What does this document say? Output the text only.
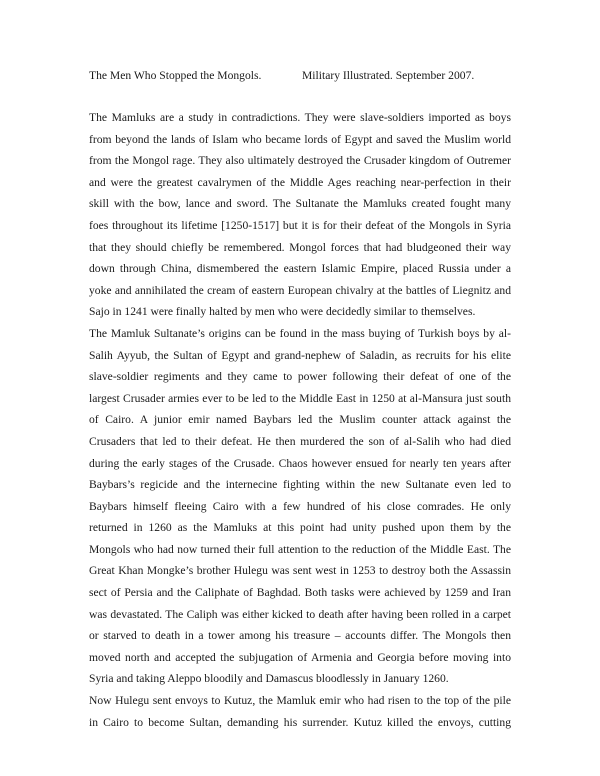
The Men Who Stopped the Mongols.	Military Illustrated. September 2007.
The Mamluks are a study in contradictions. They were slave-soldiers imported as boys
from beyond the lands of Islam who became lords of Egypt and saved the Muslim world
from the Mongol rage. They also ultimately destroyed the Crusader kingdom of Outremer
and were the greatest cavalrymen of the Middle Ages reaching near-perfection in their
skill with the bow, lance and sword. The Sultanate the Mamluks created fought many
foes throughout its lifetime [1250-1517] but it is for their defeat of the Mongols in Syria
that they should chiefly be remembered. Mongol forces that had bludgeoned their way
down through China, dismembered the eastern Islamic Empire, placed Russia under a
yoke and annihilated the cream of eastern European chivalry at the battles of Liegnitz and
Sajo in 1241 were finally halted by men who were decidedly similar to themselves.
The Mamluk Sultanate’s origins can be found in the mass buying of Turkish boys by al-
Salih Ayyub, the Sultan of Egypt and grand-nephew of Saladin, as recruits for his elite
slave-soldier regiments and they came to power following their defeat of one of the
largest Crusader armies ever to be led to the Middle East in 1250 at al-Mansura just south
of Cairo. A junior emir named Baybars led the Muslim counter attack against the
Crusaders that led to their defeat. He then murdered the son of al-Salih who had died
during the early stages of the Crusade. Chaos however ensued for nearly ten years after
Baybars’s regicide and the internecine fighting within the new Sultanate even led to
Baybars himself fleeing Cairo with a few hundred of his close comrades. He only
returned in 1260 as the Mamluks at this point had unity pushed upon them by the
Mongols who had now turned their full attention to the reduction of the Middle East. The
Great Khan Mongke’s brother Hulegu was sent west in 1253 to destroy both the Assassin
sect of Persia and the Caliphate of Baghdad. Both tasks were achieved by 1259 and Iran
was devastated. The Caliph was either kicked to death after having been rolled in a carpet
or starved to death in a tower among his treasure – accounts differ. The Mongols then
moved north and accepted the subjugation of Armenia and Georgia before moving into
Syria and taking Aleppo bloodily and Damascus bloodlessly in January 1260.
Now Hulegu sent envoys to Kutuz, the Mamluk emir who had risen to the top of the pile
in Cairo to become Sultan, demanding his surrender. Kutuz killed the envoys, cutting
